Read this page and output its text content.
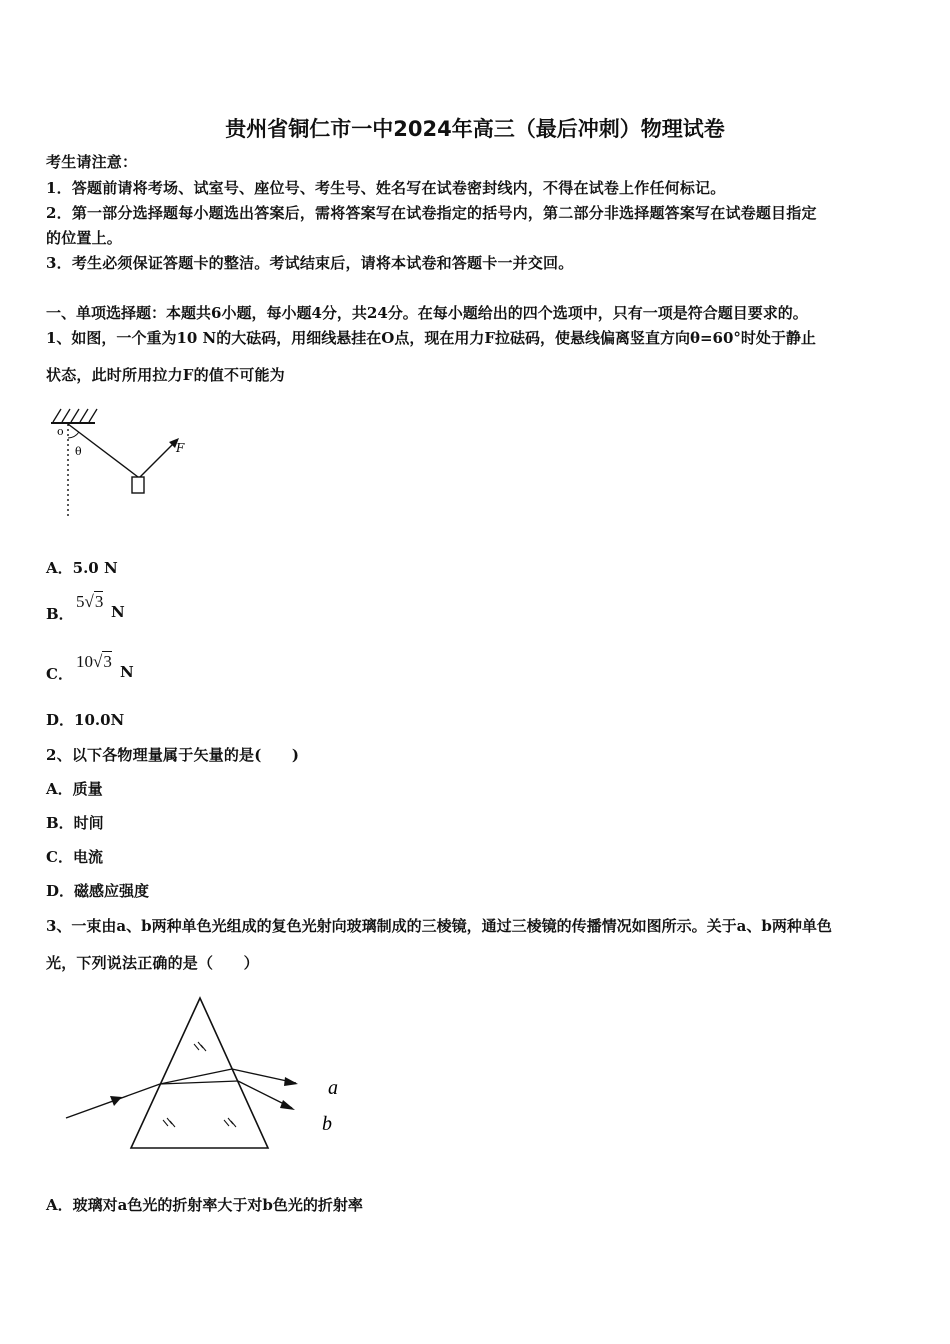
贵州省铜仁市一中2024年高三（最后冲刺）物理试卷
考生请注意：
1．答题前请将考场、试室号、座位号、考生号、姓名写在试卷密封线内，不得在试卷上作任何标记。
2．第一部分选择题每小题选出答案后，需将答案写在试卷指定的括号内，第二部分非选择题答案写在试卷题目指定
的位置上。
3．考生必须保证答题卡的整洁。考试结束后，请将本试卷和答题卡一并交回。
一、单项选择题：本题共6小题，每小题4分，共24分。在每小题给出的四个选项中，只有一项是符合题目要求的。
1、如图，一个重为10 N的大砝码，用细线悬挂在O点，现在用力F拉砝码，使悬线偏离竖直方向θ=60°时处于静止
状态，此时所用拉力F的值不可能为
o
θ	F
A．5.0 N
B．
5√3
N
C．
10√3
N
D．10.0N
2、以下各物理量属于矢量的是(　　)
A．质量
B．时间
C．电流
D．磁感应强度
3、一束由a、b两种单色光组成的复色光射向玻璃制成的三棱镜，通过三棱镜的传播情况如图所示。关于a、b两种单色
光，下列说法正确的是（　　）
a
b
A．玻璃对a色光的折射率大于对b色光的折射率
